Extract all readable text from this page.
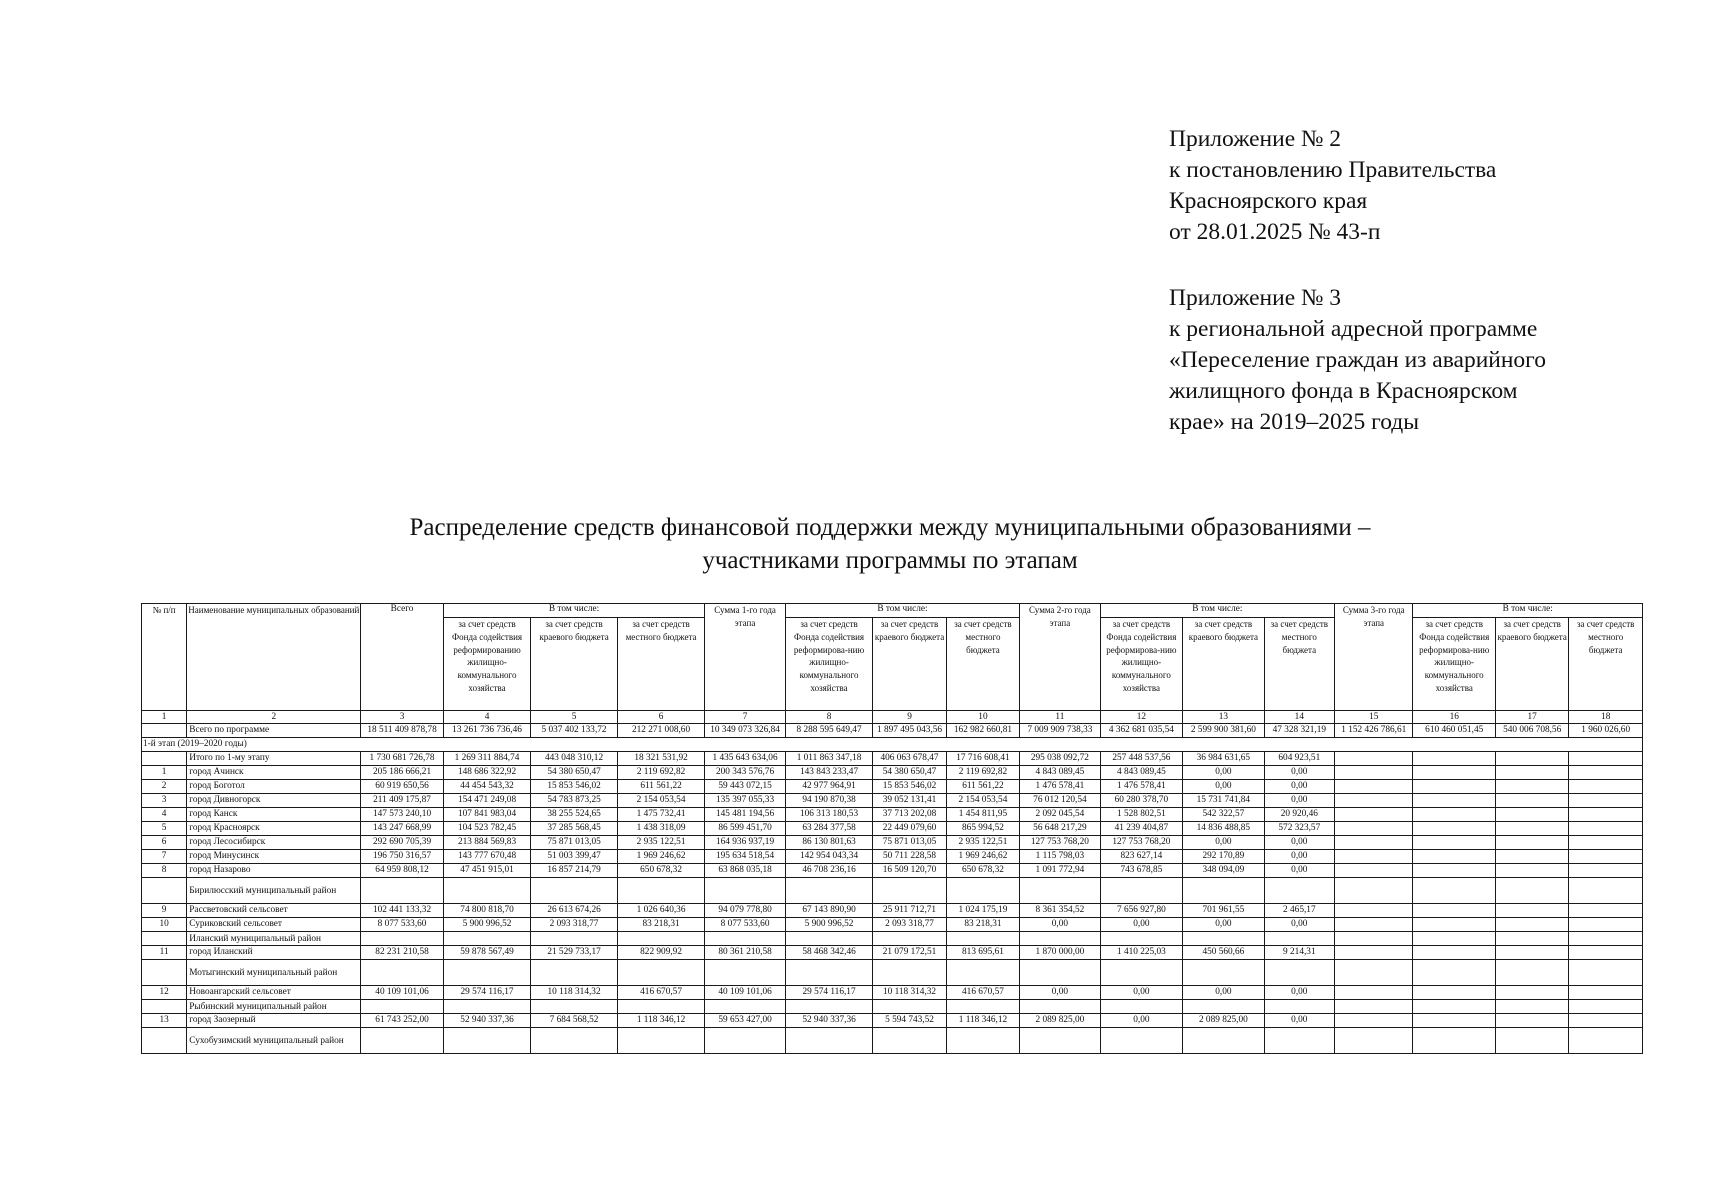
Приложение № 2
к постановлению Правительства
Красноярского края
от 28.01.2025 № 43-п
Приложение № 3
к региональной адресной программе
«Переселение граждан из аварийного
жилищного фонда в Красноярском
крае» на 2019–2025 годы
Распределение средств финансовой поддержки между муниципальными образованиями –
участниками программы по этапам
№ п/п	Наименование муниципальных образований	Всего	В том числе:			Сумма 1-го года этапа	В том числе:			Сумма 2-го года этапа	В том числе:			Сумма 3-го года этапа	В том числе:		
			за счет средств Фонда содействия реформированию жилищно-коммунального хозяйства	за счет средств краевого бюджета	за счет средств местного бюджета		за счет средств Фонда содействия реформирова-нию жилищно-коммунального хозяйства	за счет средств краевого бюджета	за счет средств местного бюджета		за счет средств Фонда содействия реформирова-нию жилищно-коммунального хозяйства	за счет средств краевого бюджета	за счет средств местного бюджета		за счет средств Фонда содействия реформирова-нию жилищно-коммунального хозяйства	за счет средств краевого бюджета	за счет средств местного бюджета
1	2	3	4	5	6	7	8	9	10	11	12	13	14	15	16	17	18
	Всего по программе	18 511 409 878,78	13 261 736 736,46	5 037 402 133,72	212 271 008,60	10 349 073 326,84	8 288 595 649,47	1 897 495 043,56	162 982 660,81	7 009 909 738,33	4 362 681 035,54	2 599 900 381,60	47 328 321,19	1 152 426 786,61	610 460 051,45	540 006 708,56	1 960 026,60
1-й этап (2019–2020 годы)																	
	Итого по 1-му этапу	1 730 681 726,78	1 269 311 884,74	443 048 310,12	18 321 531,92	1 435 643 634,06	1 011 863 347,18	406 063 678,47	17 716 608,41	295 038 092,72	257 448 537,56	36 984 631,65	604 923,51				
1	город Ачинск	205 186 666,21	148 686 322,92	54 380 650,47	2 119 692,82	200 343 576,76	143 843 233,47	54 380 650,47	2 119 692,82	4 843 089,45	4 843 089,45	0,00	0,00				
2	город Боготол	60 919 650,56	44 454 543,32	15 853 546,02	611 561,22	59 443 072,15	42 977 964,91	15 853 546,02	611 561,22	1 476 578,41	1 476 578,41	0,00	0,00				
3	город Дивногорск	211 409 175,87	154 471 249,08	54 783 873,25	2 154 053,54	135 397 055,33	94 190 870,38	39 052 131,41	2 154 053,54	76 012 120,54	60 280 378,70	15 731 741,84	0,00				
4	город Канск	147 573 240,10	107 841 983,04	38 255 524,65	1 475 732,41	145 481 194,56	106 313 180,53	37 713 202,08	1 454 811,95	2 092 045,54	1 528 802,51	542 322,57	20 920,46				
5	город Красноярск	143 247 668,99	104 523 782,45	37 285 568,45	1 438 318,09	86 599 451,70	63 284 377,58	22 449 079,60	865 994,52	56 648 217,29	41 239 404,87	14 836 488,85	572 323,57				
6	город Лесосибирск	292 690 705,39	213 884 569,83	75 871 013,05	2 935 122,51	164 936 937,19	86 130 801,63	75 871 013,05	2 935 122,51	127 753 768,20	127 753 768,20	0,00	0,00				
7	город Минусинск	196 750 316,57	143 777 670,48	51 003 399,47	1 969 246,62	195 634 518,54	142 954 043,34	50 711 228,58	1 969 246,62	1 115 798,03	823 627,14	292 170,89	0,00				
8	город Назарово	64 959 808,12	47 451 915,01	16 857 214,79	650 678,32	63 868 035,18	46 708 236,16	16 509 120,70	650 678,32	1 091 772,94	743 678,85	348 094,09	0,00				
	Бирилюсский муниципальный район																
9	Рассветовский сельсовет	102 441 133,32	74 800 818,70	26 613 674,26	1 026 640,36	94 079 778,80	67 143 890,90	25 911 712,71	1 024 175,19	8 361 354,52	7 656 927,80	701 961,55	2 465,17				
10	Суриковский сельсовет	8 077 533,60	5 900 996,52	2 093 318,77	83 218,31	8 077 533,60	5 900 996,52	2 093 318,77	83 218,31	0,00	0,00	0,00	0,00				
	Иланский муниципальный район																
11	город Иланский	82 231 210,58	59 878 567,49	21 529 733,17	822 909,92	80 361 210,58	58 468 342,46	21 079 172,51	813 695,61	1 870 000,00	1 410 225,03	450 560,66	9 214,31				
	Мотыгинский муниципальный район																
12	Новоангарский сельсовет	40 109 101,06	29 574 116,17	10 118 314,32	416 670,57	40 109 101,06	29 574 116,17	10 118 314,32	416 670,57	0,00	0,00	0,00	0,00				
	Рыбинский муниципальный район																
13	город Заозерный	61 743 252,00	52 940 337,36	7 684 568,52	1 118 346,12	59 653 427,00	52 940 337,36	5 594 743,52	1 118 346,12	2 089 825,00	0,00	2 089 825,00	0,00				
	Сухобузимский муниципальный район																
